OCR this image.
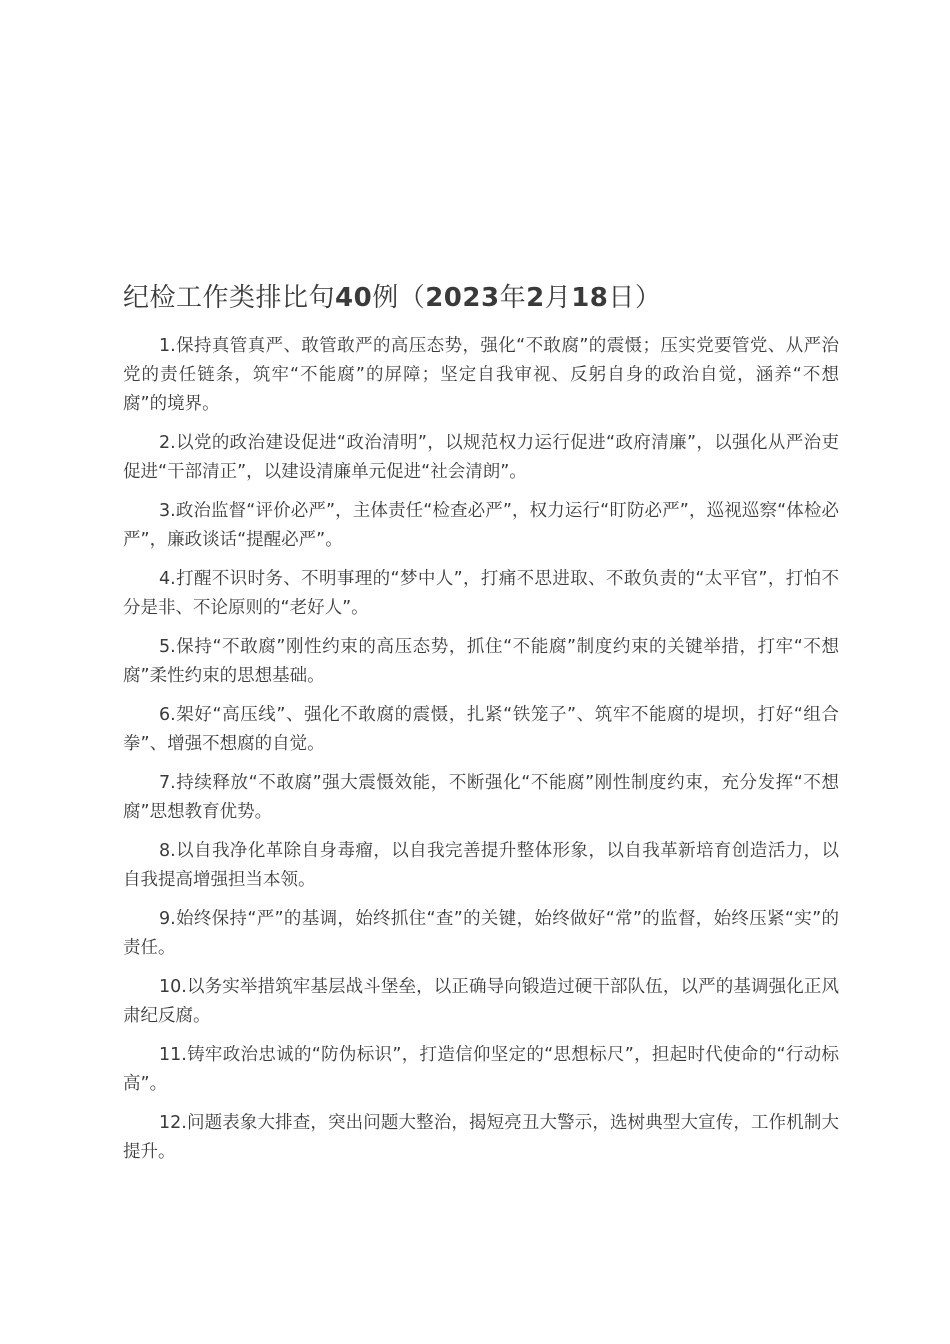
纪检工作类排比句40例（2023年2月18日）

1.保持真管真严、敢管敢严的高压态势，强化“不敢腐”的震慑；压实党要管党、从严治党的责任链条，筑牢“不能腐”的屏障；坚定自我审视、反躬自身的政治自觉，涵养“不想腐”的境界。

2.以党的政治建设促进“政治清明”，以规范权力运行促进“政府清廉”，以强化从严治吏促进“干部清正”，以建设清廉单元促进“社会清朗”。

3.政治监督“评价必严”，主体责任“检查必严”，权力运行“盯防必严”，巡视巡察“体检必严”，廉政谈话“提醒必严”。

4.打醒不识时务、不明事理的“梦中人”，打痛不思进取、不敢负责的“太平官”，打怕不分是非、不论原则的“老好人”。

5.保持“不敢腐”刚性约束的高压态势，抓住“不能腐”制度约束的关键举措，打牢“不想腐”柔性约束的思想基础。

6.架好“高压线”、强化不敢腐的震慑，扎紧“铁笼子”、筑牢不能腐的堤坝，打好“组合拳”、增强不想腐的自觉。

7.持续释放“不敢腐”强大震慑效能，不断强化“不能腐”刚性制度约束，充分发挥“不想腐”思想教育优势。

8.以自我净化革除自身毒瘤，以自我完善提升整体形象，以自我革新培育创造活力，以自我提高增强担当本领。

9.始终保持“严”的基调，始终抓住“查”的关键，始终做好“常”的监督，始终压紧“实”的责任。

10.以务实举措筑牢基层战斗堡垒，以正确导向锻造过硬干部队伍，以严的基调强化正风肃纪反腐。

11.铸牢政治忠诚的“防伪标识”，打造信仰坚定的“思想标尺”，担起时代使命的“行动标高”。

12.问题表象大排查，突出问题大整治，揭短亮丑大警示，选树典型大宣传，工作机制大提升。
